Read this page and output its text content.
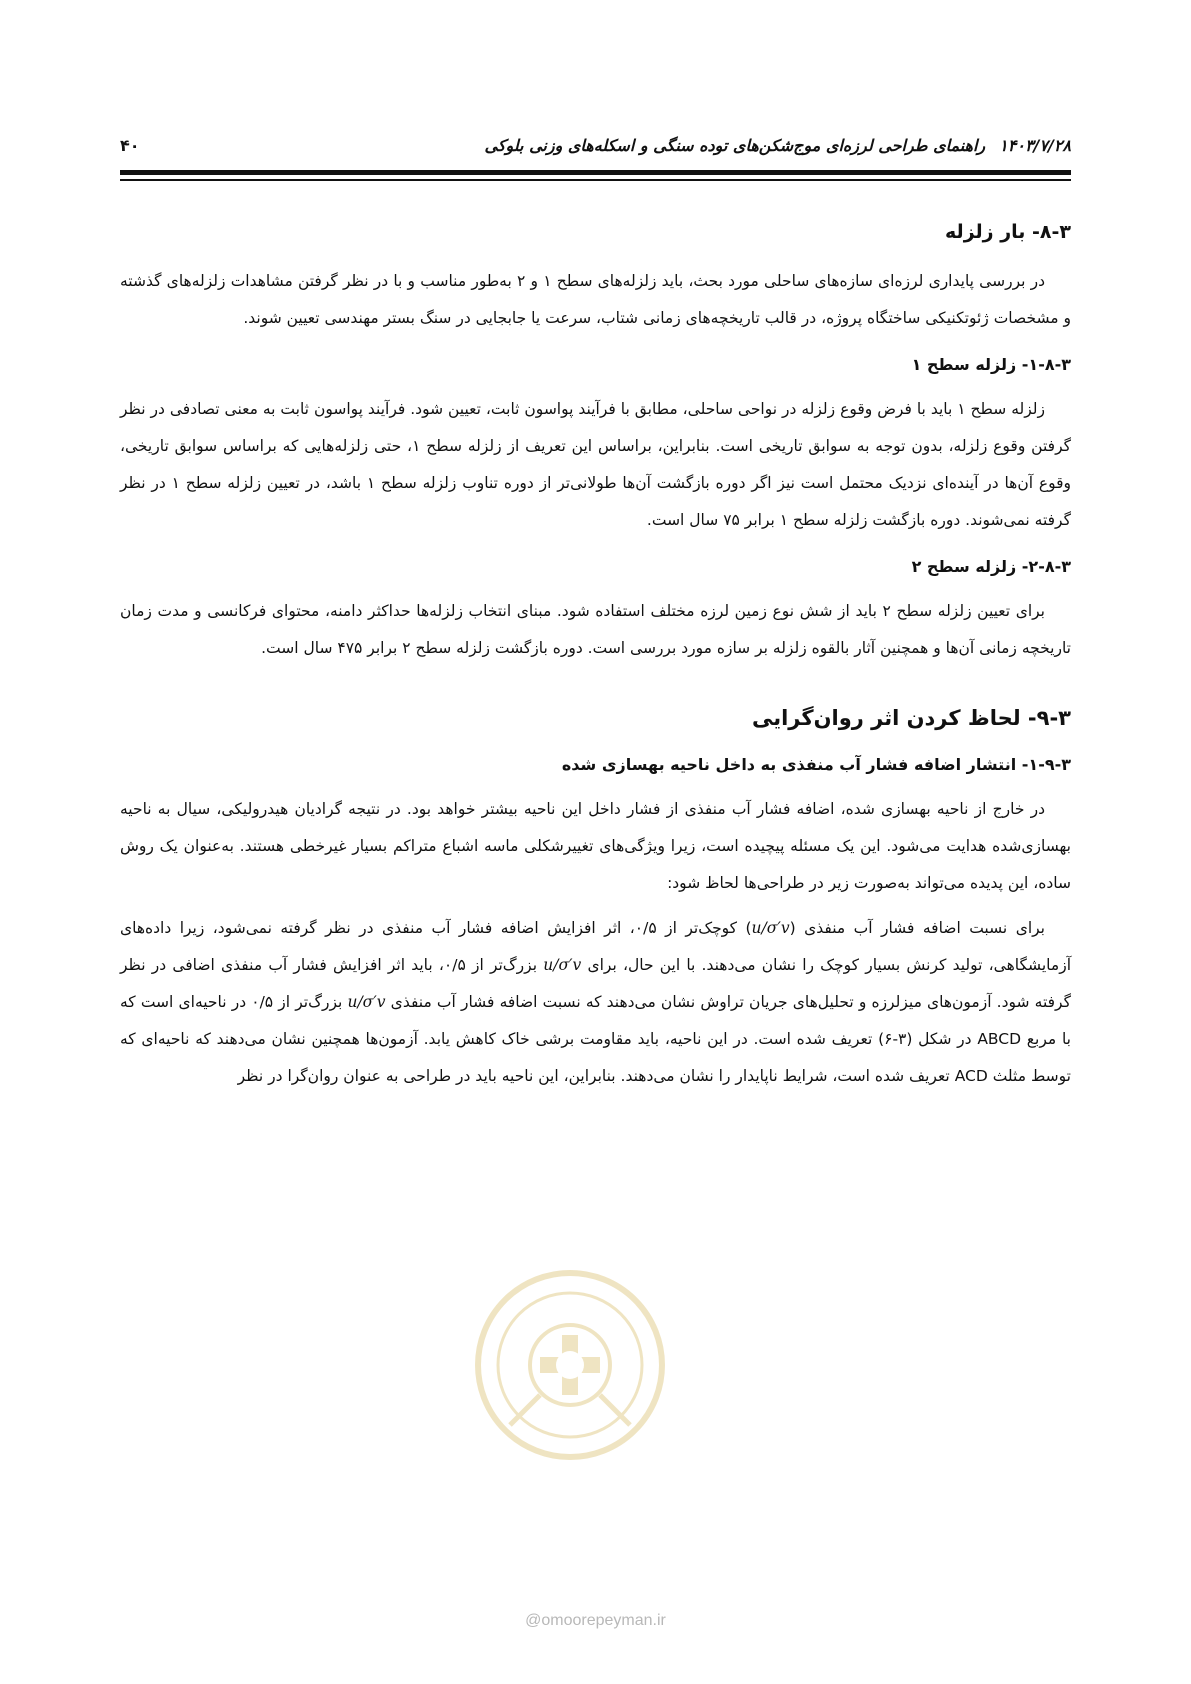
راهنمای طراحی لرزه‌ای موج‌شکن‌های توده سنگی و اسکله‌های وزنی بلوکی ۱۴۰۳/۷/۲۸
۴۰
۸-۳- بار زلزله

در بررسی پایداری لرزه‌ای سازه‌های ساحلی مورد بحث، باید زلزله‌های سطح ۱ و ۲ به‌طور مناسب و با در نظر گرفتن مشاهدات زلزله‌های گذشته و مشخصات ژئوتکنیکی ساختگاه پروژه، در قالب تاریخچه‌های زمانی شتاب، سرعت یا جابجایی در سنگ بستر مهندسی تعیین شوند.

۱-۸-۳- زلزله سطح ۱

زلزله سطح ۱ باید با فرض وقوع زلزله در نواحی ساحلی، مطابق با فرآیند پواسون ثابت، تعیین شود. فرآیند پواسون ثابت به معنی تصادفی در نظر گرفتن وقوع زلزله، بدون توجه به سوابق تاریخی است. بنابراین، براساس این تعریف از زلزله سطح ۱، حتی زلزله‌هایی که براساس سوابق تاریخی، وقوع آن‌ها در آینده‌ای نزدیک محتمل است نیز اگر دوره بازگشت آن‌ها طولانی‌تر از دوره تناوب زلزله سطح ۱ باشد، در تعیین زلزله سطح ۱ در نظر گرفته نمی‌شوند. دوره بازگشت زلزله سطح ۱ برابر ۷۵ سال است.

۲-۸-۳- زلزله سطح ۲

برای تعیین زلزله سطح ۲ باید از شش نوع زمین لرزه مختلف استفاده شود. مبنای انتخاب زلزله‌ها حداکثر دامنه، محتوای فرکانسی و مدت زمان تاریخچه زمانی آن‌ها و همچنین آثار بالقوه زلزله بر سازه مورد بررسی است. دوره بازگشت زلزله سطح ۲ برابر ۴۷۵ سال است.

۹-۳- لحاظ کردن اثر روان‌گرایی
۱-۹-۳- انتشار اضافه فشار آب منفذی به داخل ناحیه بهسازی شده

در خارج از ناحیه بهسازی شده، اضافه فشار آب منفذی از فشار داخل این ناحیه بیشتر خواهد بود. در نتیجه گرادیان هیدرولیکی، سیال به ناحیه بهسازی‌شده هدایت می‌شود. این یک مسئله پیچیده است، زیرا ویژگی‌های تغییرشکلی ماسه اشباع متراکم بسیار غیرخطی هستند. به‌عنوان یک روش ساده، این پدیده می‌تواند به‌صورت زیر در طراحی‌ها لحاظ شود:

برای نسبت اضافه فشار آب منفذی (u/σ′v) کوچک‌تر از ۰/۵، اثر افزایش اضافه فشار آب منفذی در نظر گرفته نمی‌شود، زیرا داده‌های آزمایشگاهی، تولید کرنش بسیار کوچک را نشان می‌دهند. با این حال، برای u/σ′v بزرگ‌تر از ۰/۵، باید اثر افزایش فشار آب منفذی اضافی در نظر گرفته شود. آزمون‌های میزلرزه و تحلیل‌های جریان تراوش نشان می‌دهند که نسبت اضافه فشار آب منفذی u/σ′v بزرگ‌تر از ۰/۵ در ناحیه‌ای است که با مربع ABCD در شکل (۳-۶) تعریف شده است. در این ناحیه، باید مقاومت برشی خاک کاهش یابد. آزمون‌ها همچنین نشان می‌دهند که ناحیه‌ای که توسط مثلث ACD تعریف شده است، شرایط ناپایدار را نشان می‌دهند. بنابراین، این ناحیه باید در طراحی به عنوان روان‌گرا در نظر

@omoorepeyman.ir
